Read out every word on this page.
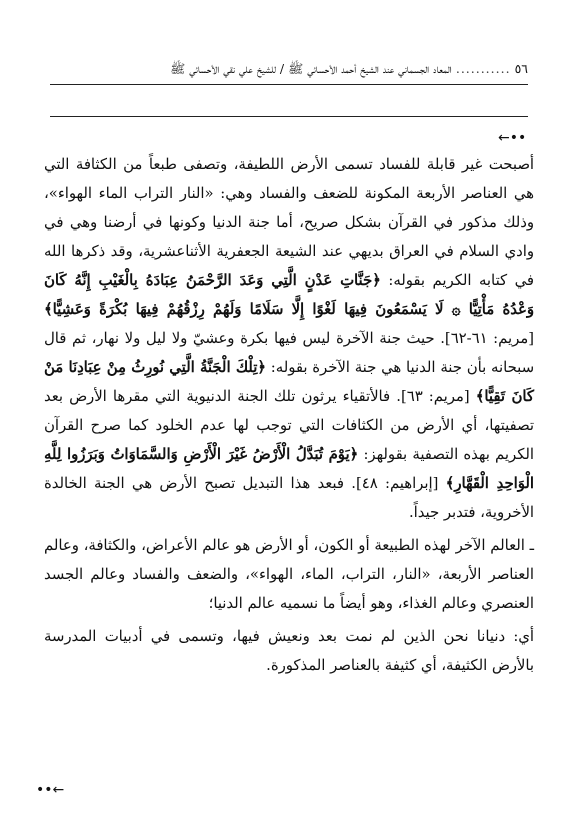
٥٦
...........
المعاد الجسماني عند الشيخ أحمد الأحسائي ﷺ / للشيخ علي نقي الأحسائي ﷺ
←••

أصبحت غير قابلة للفساد تسمى الأرض اللطيفة، وتصفى طبعاً من الكثافة التي هي العناصر الأربعة المكونة للضعف والفساد وهي: «النار التراب الماء الهواء»، وذلك مذكور في القرآن بشكل صريح، أما جنة الدنيا وكونها في أرضنا وهي في وادي السلام في العراق بديهي عند الشيعة الجعفرية الأثناعشرية، وقد ذكرها الله في كتابه الكريم بقوله: ﴿جَنَّاتِ عَدْنٍ الَّتِي وَعَدَ الرَّحْمَنُ عِبَادَهُ بِالْغَيْبِ إِنَّهُ كَانَ وَعْدُهُ مَأْتِيًّا ۞ لَا يَسْمَعُونَ فِيهَا لَغْوًا إِلَّا سَلَامًا وَلَهُمْ رِزْقُهُمْ فِيهَا بُكْرَةً وَعَشِيًّا﴾ [مريم: ٦١-٦٢]. حيث جنة الآخرة ليس فيها بكرة وعشيّ ولا ليل ولا نهار، ثم قال سبحانه بأن جنة الدنيا هي جنة الآخرة بقوله: ﴿تِلْكَ الْجَنَّةُ الَّتِي نُورِثُ مِنْ عِبَادِنَا مَنْ كَانَ تَقِيًّا﴾ [مريم: ٦٣]. فالأتقياء يرثون تلك الجنة الدنيوية التي مقرها الأرض بعد تصفيتها، أي الأرض من الكثافات التي توجب لها عدم الخلود كما صرح القرآن الكريم بهذه التصفية بقولهز: ﴿يَوْمَ تُبَدَّلُ الْأَرْضُ غَيْرَ الْأَرْضِ وَالسَّمَاوَاتُ وَبَرَزُوا لِلَّهِ الْوَاحِدِ الْقَهَّارِ﴾ [إبراهيم: ٤٨]. فبعد هذا التبديل تصبح الأرض هي الجنة الخالدة الأخروية، فتدبر جيداً.

ـ العالم الآخر لهذه الطبيعة أو الكون، أو الأرض هو عالم الأعراض، والكثافة، وعالم العناصر الأربعة، «النار، التراب، الماء، الهواء»، والضعف والفساد وعالم الجسد العنصري وعالم الغذاء، وهو أيضاً ما نسميه عالم الدنيا؛

أي: دنيانا نحن الذين لم نمت بعد ونعيش فيها، وتسمى في أدبيات المدرسة بالأرض الكثيفة، أي كثيفة بالعناصر المذكورة.

••←
